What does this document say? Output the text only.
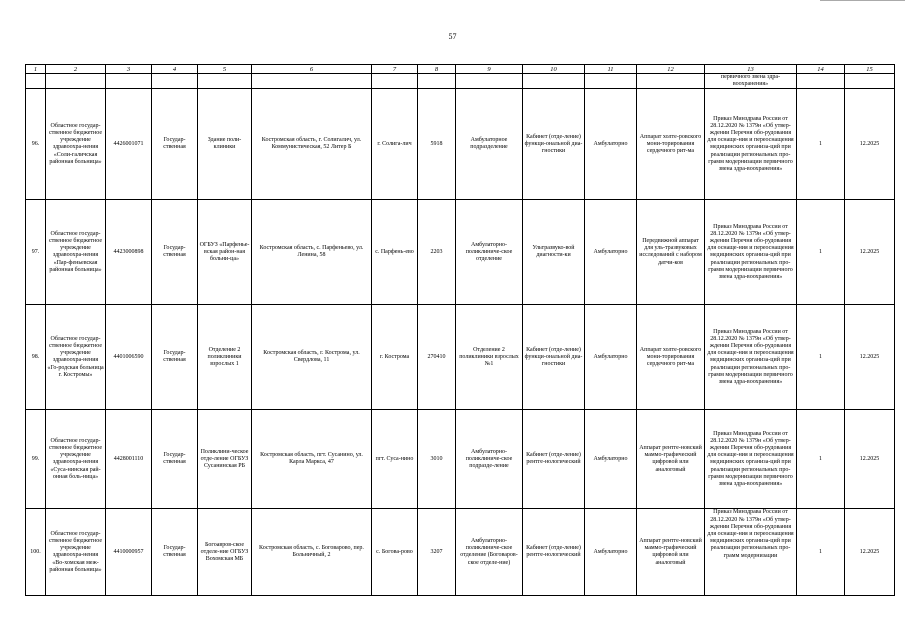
57
1	2	3	4	5	6	7	8	9	10	11	12	13	14	15
												первичного звена здра-воохранения»		
96.	Областное государ-ственное бюджетное учреждение здравоохра-нения «Соли-галичская районная больница»	4426001071	Государ-ственная	Здание поли-клиники	Костромская область, г. Солигалич, ул. Коммунистическая, 52 Литер Б	г. Солига-лич	5918	Амбулаторное подразделение	Кабинет (отде-ление) функци-ональной диа-гностики	Амбулаторно	Аппарат холте-ровского мони-торирования сердечного рит-ма	Приказ Минздрава России от 28.12.2020 № 1379н «Об утвер-ждении Перечня обо-рудования для оснаще-ния и переоснащения медицинских организа-ций при реализации региональных про-грамм модернизации первичного звена здра-воохранения»	1	12.2025
97.	Областное государ-ственное бюджетное учреждение здравоохра-нения «Пар-феньевская районная больница»	4423000898	Государ-ственная	ОГБУЗ «Парфенье-вская район-ная больни-ца»	Костромская область, с. Парфеньево, ул. Ленина, 58	с. Парфень-ево	2203	Амбулаторно-поликлиниче-ское отделение	Ультразвуко-вой диагности-ки	Амбулаторно	Передвижной аппарат для уль-тразвуковых исследований с набором датчи-ков	Приказ Минздрава России от 28.12.2020 № 1379н «Об утвер-ждении Перечня обо-рудования для оснаще-ния и переоснащения медицинских организа-ций при реализации региональных про-грамм модернизации первичного звена здра-воохранения»	1	12.2025
98.	Областное государ-ственное бюджетное учреждение здравоохра-нения «Го-родская больница г. Костромы»	4401006590	Государ-ственная	Отделение 2 поликлиники взрослых 1	Костромская область, г. Кострома, ул. Свердлова, 11	г. Кострома	270410	Отделение 2 поликлиники взрослых №1	Кабинет (отде-ление) функци-ональной диа-гностики	Амбулаторно	Аппарат холте-ровского мони-торирования сердечного рит-ма	Приказ Минздрава России от 28.12.2020 № 1379н «Об утвер-ждении Перечня обо-рудования для оснаще-ния и переоснащения медицинских организа-ций при реализации региональных про-грамм модернизации первичного звена здра-воохранения»	1	12.2025
99.	Областное государ-ственное бюджетное учреждение здравоохра-нения «Суса-нинская рай-онная боль-ница»	4428001110	Государ-ственная	Поликлини-ческое отде-ление ОГБУЗ Сусанинская РБ	Костромская область, пгт. Сусанино, ул. Карла Маркса, 47	пгт. Суса-нино	3010	Амбулаторно-поликлиниче-ское подразде-ление	Кабинет (отде-ление) рентге-нологический	Амбулаторно	Аппарат рентге-новский маммо-графический цифровой или аналоговый	Приказ Минздрава России от 28.12.2020 № 1379н «Об утвер-ждении Перечня обо-рудования для оснаще-ния и переоснащения медицинских организа-ций при реализации региональных про-грамм модернизации первичного звена здра-воохранения»	1	12.2025
100.	Областное государ-ственное бюджетное учреждение здравоохра-нения «Во-хомская меж-районная больница»	4410000957	Государ-ственная	Богоавров-ское отделе-ние ОГБУЗ Вохомская МБ	Костромская область, с. Боговарово, пер. Больничный, 2	с. Богова-рово	3207	Амбулаторно-поликлиниче-ское отделение (Боговаров-ское отделе-ние)	Кабинет (отде-ление) рентге-нологический	Амбулаторно	Аппарат рентге-новский маммо-графический цифровой или аналоговый	Приказ Минздрава России от 28.12.2020 № 1379н «Об утвер-ждении Перечня обо-рудования для оснаще-ния и переоснащения медицинских организа-ций при реализации региональных про-грамм модернизации	1	12.2025
